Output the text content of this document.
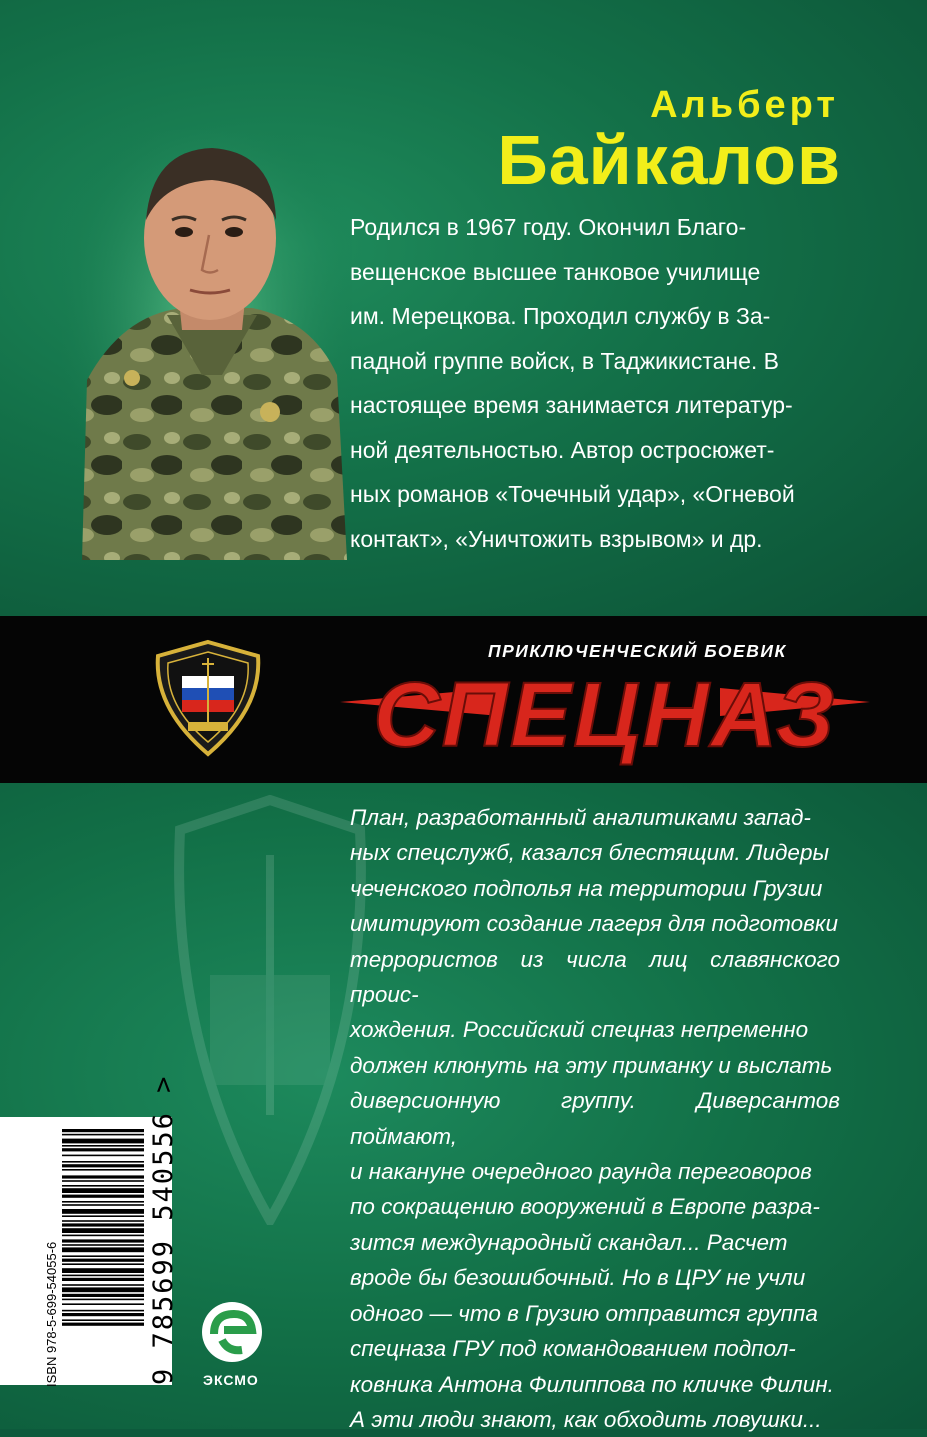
Альберт
Байкалов
Родился в 1967 году. Окончил Благо-
вещенское высшее танковое училище
им. Мерецкова. Проходил службу в За-
падной группе войск, в Таджикистане. В
настоящее время занимается литератур-
ной деятельностью. Автор остросюжет-
ных романов «Точечный удар», «Огневой
контакт», «Уничтожить взрывом» и др.
ПРИКЛЮЧЕНЧЕСКИЙ БОЕВИК
СПЕЦНАЗ
План, разработанный аналитиками запад-
ных спецслужб, казался блестящим. Лидеры
чеченского подполья на территории Грузии
имитируют создание лагеря для подготовки
террористов из числа лиц славянского проис-
хождения. Российский спецназ непременно
должен клюнуть на эту приманку и выслать
диверсионную группу. Диверсантов поймают,
и накануне очередного раунда переговоров
по сокращению вооружений в Европе разра-
зится международный скандал... Расчет
вроде бы безошибочный. Но в ЦРУ не учли
одного — что в Грузию отправится группа
спецназа ГРУ под командованием подпол-
ковника Антона Филиппова по кличке Филин.
А эти люди знают, как обходить ловушки...
ISBN 978-5-699-54055-6	9 785699 540556 > ЭКСМО
